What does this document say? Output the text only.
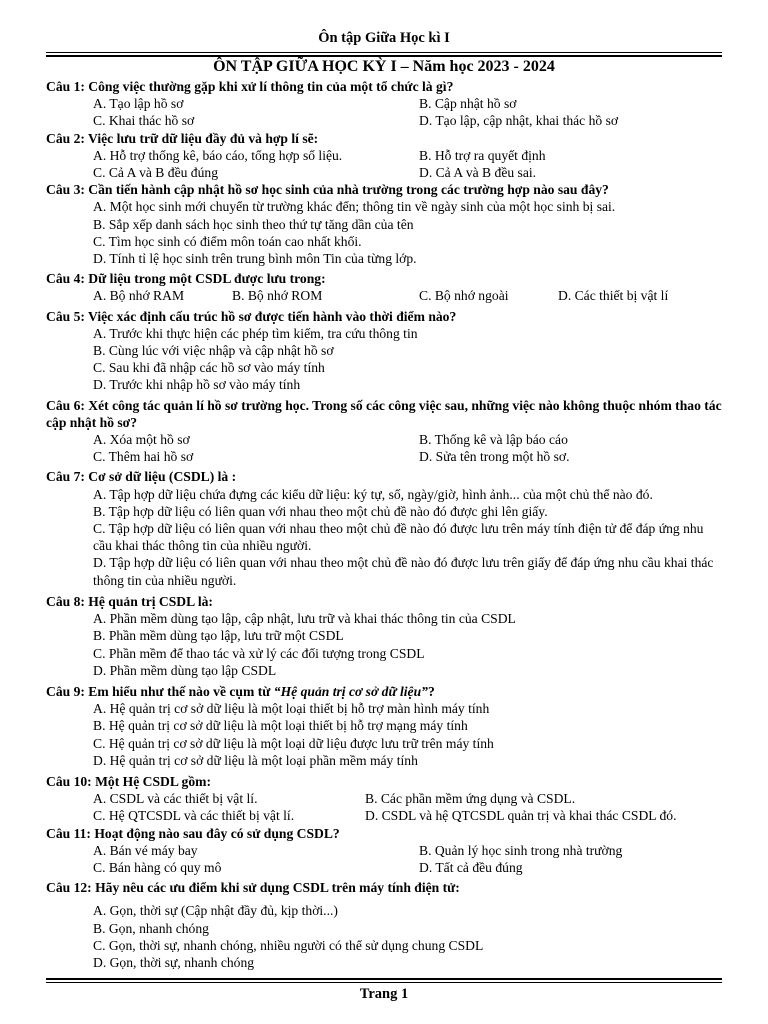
Ôn tập Giữa Học kì I
ÔN TẬP GIỮA HỌC KỲ I – Năm học 2023 - 2024
Câu 1: Công việc thường gặp khi xử lí thông tin của một tổ chức là gì?
A. Tạo lập hồ sơ	B. Cập nhật hồ sơ
C. Khai thác hồ sơ	D. Tạo lập, cập nhật, khai thác hồ sơ
Câu 2: Việc lưu trữ dữ liệu đầy đủ và hợp lí sẽ:
A. Hỗ trợ thống kê, báo cáo, tổng hợp số liệu.	B. Hỗ trợ ra quyết định
C. Cả A và B đều đúng	D. Cả A và B đều sai.
Câu 3: Cần tiến hành cập nhật hồ sơ học sinh của nhà trường trong các trường hợp nào sau đây?
A. Một học sinh mới chuyển từ trường khác đến; thông tin về ngày sinh của một học sinh bị sai.
B. Sắp xếp danh sách học sinh theo thứ tự tăng dần của tên
C. Tìm học sinh có điểm môn toán cao nhất khối.
D. Tính tỉ lệ học sinh trên trung bình môn Tin của từng lớp.
Câu 4: Dữ liệu trong một CSDL được lưu trong:
A. Bộ nhớ RAM	B. Bộ nhớ ROM	C. Bộ nhớ ngoài	D. Các thiết bị vật lí
Câu 5: Việc xác định cấu trúc hồ sơ được tiến hành vào thời điểm nào?
A. Trước khi thực hiện các phép tìm kiếm, tra cứu thông tin
B. Cùng lúc với việc nhập và cập nhật hồ sơ
C. Sau khi đã nhập các hồ sơ vào máy tính
D. Trước khi nhập hồ sơ vào máy tính
Câu 6: Xét công tác quản lí hồ sơ trường học. Trong số các công việc sau, những việc nào không thuộc nhóm thao tác cập nhật hồ sơ?
A. Xóa một hồ sơ	B. Thống kê và lập báo cáo
C. Thêm hai hồ sơ	D. Sửa tên trong một hồ sơ.
Câu 7: Cơ sở dữ liệu (CSDL) là :
A. Tập hợp dữ liệu chứa đựng các kiểu dữ liệu: ký tự, số, ngày/giờ, hình ảnh... của một chủ thể nào đó.
B. Tập hợp dữ liệu có liên quan với nhau theo một chủ đề nào đó được ghi lên giấy.
C. Tập hợp dữ liệu có liên quan với nhau theo một chủ đề nào đó được lưu trên máy tính điện tử để đáp ứng nhu cầu khai thác thông tin của nhiều người.
D. Tập hợp dữ liệu có liên quan với nhau theo một chủ đề nào đó được lưu trên giấy để đáp ứng nhu cầu khai thác thông tin của nhiều người.
Câu 8: Hệ quản trị CSDL là:
A. Phần mềm dùng tạo lập, cập nhật, lưu trữ và khai thác thông tin của CSDL
B. Phần mềm dùng tạo lập, lưu trữ một CSDL
C. Phần mềm để thao tác và xử lý các đối tượng trong CSDL
D. Phần mềm dùng tạo lập CSDL
Câu 9: Em hiểu như thế nào về cụm từ “Hệ quản trị cơ sở dữ liệu”?
A. Hệ quản trị cơ sở dữ liệu là một loại thiết bị hỗ trợ màn hình máy tính
B. Hệ quản trị cơ sở dữ liệu là một loại thiết bị hỗ trợ mạng máy tính
C. Hệ quản trị cơ sở dữ liệu là một loại dữ liệu được lưu trữ trên máy tính
D. Hệ quản trị cơ sở dữ liệu là một loại phần mềm máy tính
Câu 10: Một Hệ CSDL gồm:
A. CSDL và các thiết bị vật lí.	B. Các phần mềm ứng dụng và CSDL.
C. Hệ QTCSDL và các thiết bị vật lí.	D. CSDL và hệ QTCSDL quản trị và khai thác CSDL đó.
Câu 11: Hoạt động nào sau đây có sử dụng CSDL?
A. Bán vé máy bay	B. Quản lý học sinh trong nhà trường
C. Bán hàng có quy mô	D. Tất cả đều đúng
Câu 12: Hãy nêu các ưu điểm khi sử dụng CSDL trên máy tính điện tử:
A. Gọn, thời sự (Cập nhật đầy đủ, kịp thời...)
B. Gọn, nhanh chóng
C. Gọn, thời sự, nhanh chóng, nhiều người có thể sử dụng chung CSDL
D. Gọn, thời sự, nhanh chóng
Trang 1
